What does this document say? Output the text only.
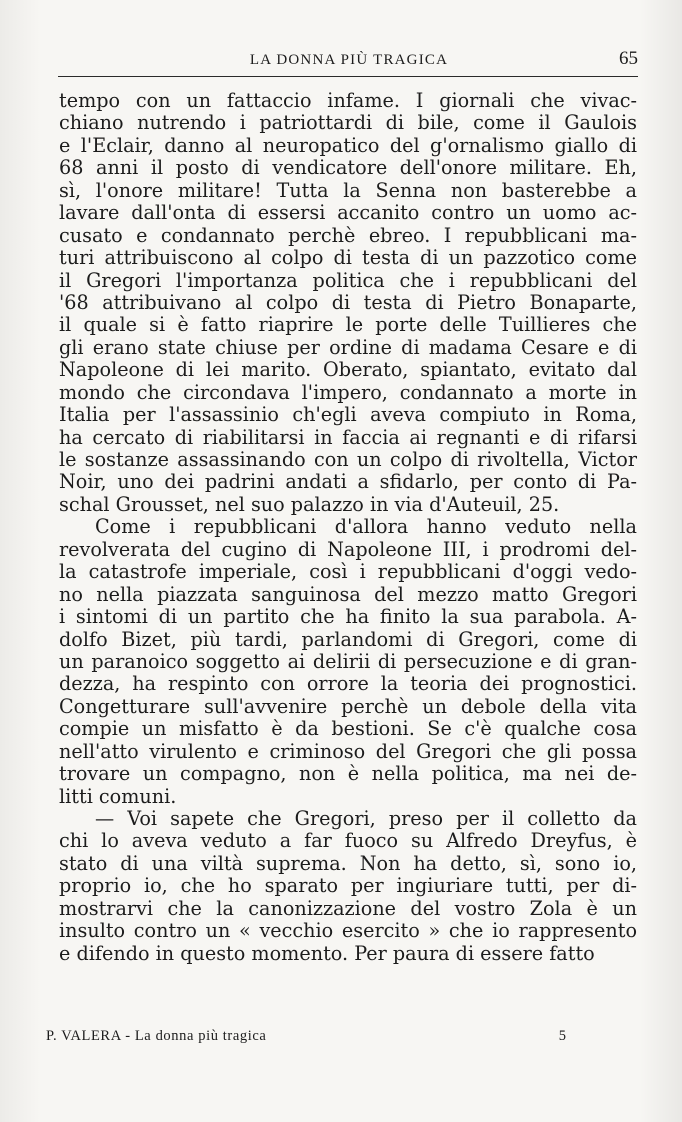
LA DONNA PIÙ TRAGICA	65
tempo con un fattaccio infame. I giornali che vivac-
chiano nutrendo i patriottardi di bile, come il Gaulois
e l'Eclair, danno al neuropatico del g'ornalismo giallo di
68 anni il posto di vendicatore dell'onore militare. Eh,
sì, l'onore militare! Tutta la Senna non basterebbe a
lavare dall'onta di essersi accanito contro un uomo ac-
cusato e condannato perchè ebreo. I repubblicani ma-
turi attribuiscono al colpo di testa di un pazzotico come
il Gregori l'importanza politica che i repubblicani del
'68 attribuivano al colpo di testa di Pietro Bonaparte,
il quale si è fatto riaprire le porte delle Tuillieres che
gli erano state chiuse per ordine di madama Cesare e di
Napoleone di lei marito. Oberato, spiantato, evitato dal
mondo che circondava l'impero, condannato a morte in
Italia per l'assassinio ch'egli aveva compiuto in Roma,
ha cercato di riabilitarsi in faccia ai regnanti e di rifarsi
le sostanze assassinando con un colpo di rivoltella, Victor
Noir, uno dei padrini andati a sfidarlo, per conto di Pa-
schal Grousset, nel suo palazzo in via d'Auteuil, 25.
Come i repubblicani d'allora hanno veduto nella
revolverata del cugino di Napoleone III, i prodromi del-
la catastrofe imperiale, così i repubblicani d'oggi vedo-
no nella piazzata sanguinosa del mezzo matto Gregori
i sintomi di un partito che ha finito la sua parabola. A-
dolfo Bizet, più tardi, parlandomi di Gregori, come di
un paranoico soggetto ai delirii di persecuzione e di gran-
dezza, ha respinto con orrore la teoria dei prognostici.
Congetturare sull'avvenire perchè un debole della vita
compie un misfatto è da bestioni. Se c'è qualche cosa
nell'atto virulento e criminoso del Gregori che gli possa
trovare un compagno, non è nella politica, ma nei de-
litti comuni.
— Voi sapete che Gregori, preso per il colletto da
chi lo aveva veduto a far fuoco su Alfredo Dreyfus, è
stato di una viltà suprema. Non ha detto, sì, sono io,
proprio io, che ho sparato per ingiuriare tutti, per di-
mostrarvi che la canonizzazione del vostro Zola è un
insulto contro un « vecchio esercito » che io rappresento
e difendo in questo momento. Per paura di essere fatto
P. VALERA - La donna più tragica	5
